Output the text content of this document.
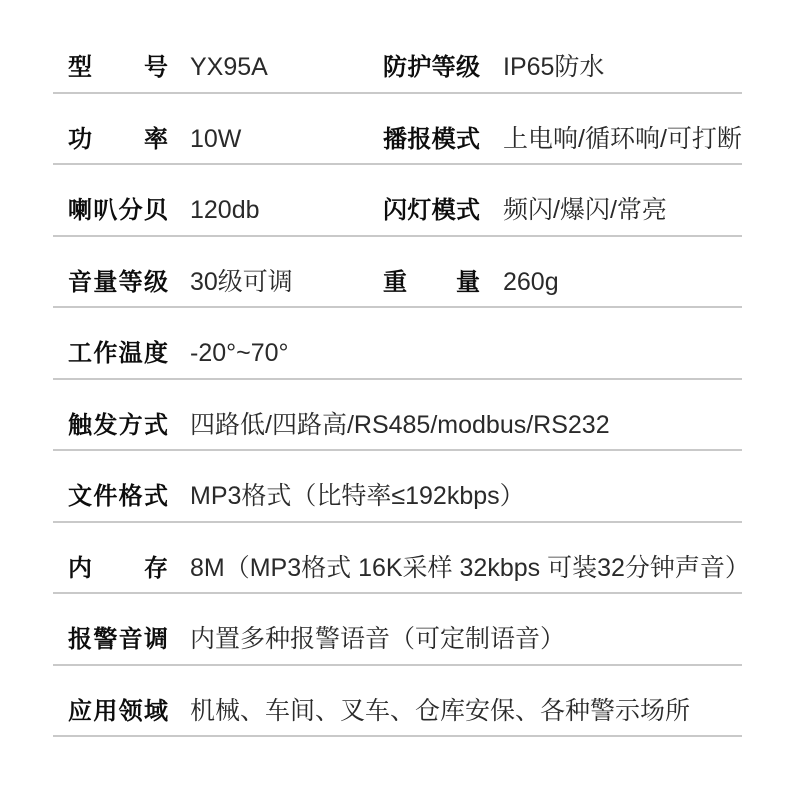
型号 YX95A	防护等级 IP65防水
功率 10W	播报模式 上电响/循环响/可打断
喇叭分贝 120db	闪灯模式 频闪/爆闪/常亮
音量等级 30级可调	重量 260g
工作温度 -20°~70°
触发方式 四路低/四路高/RS485/modbus/RS232
文件格式 MP3格式（比特率≤192kbps）
内存 8M（MP3格式 16K采样 32kbps 可装32分钟声音）
报警音调 内置多种报警语音（可定制语音）
应用领域 机械、车间、叉车、仓库安保、各种警示场所
